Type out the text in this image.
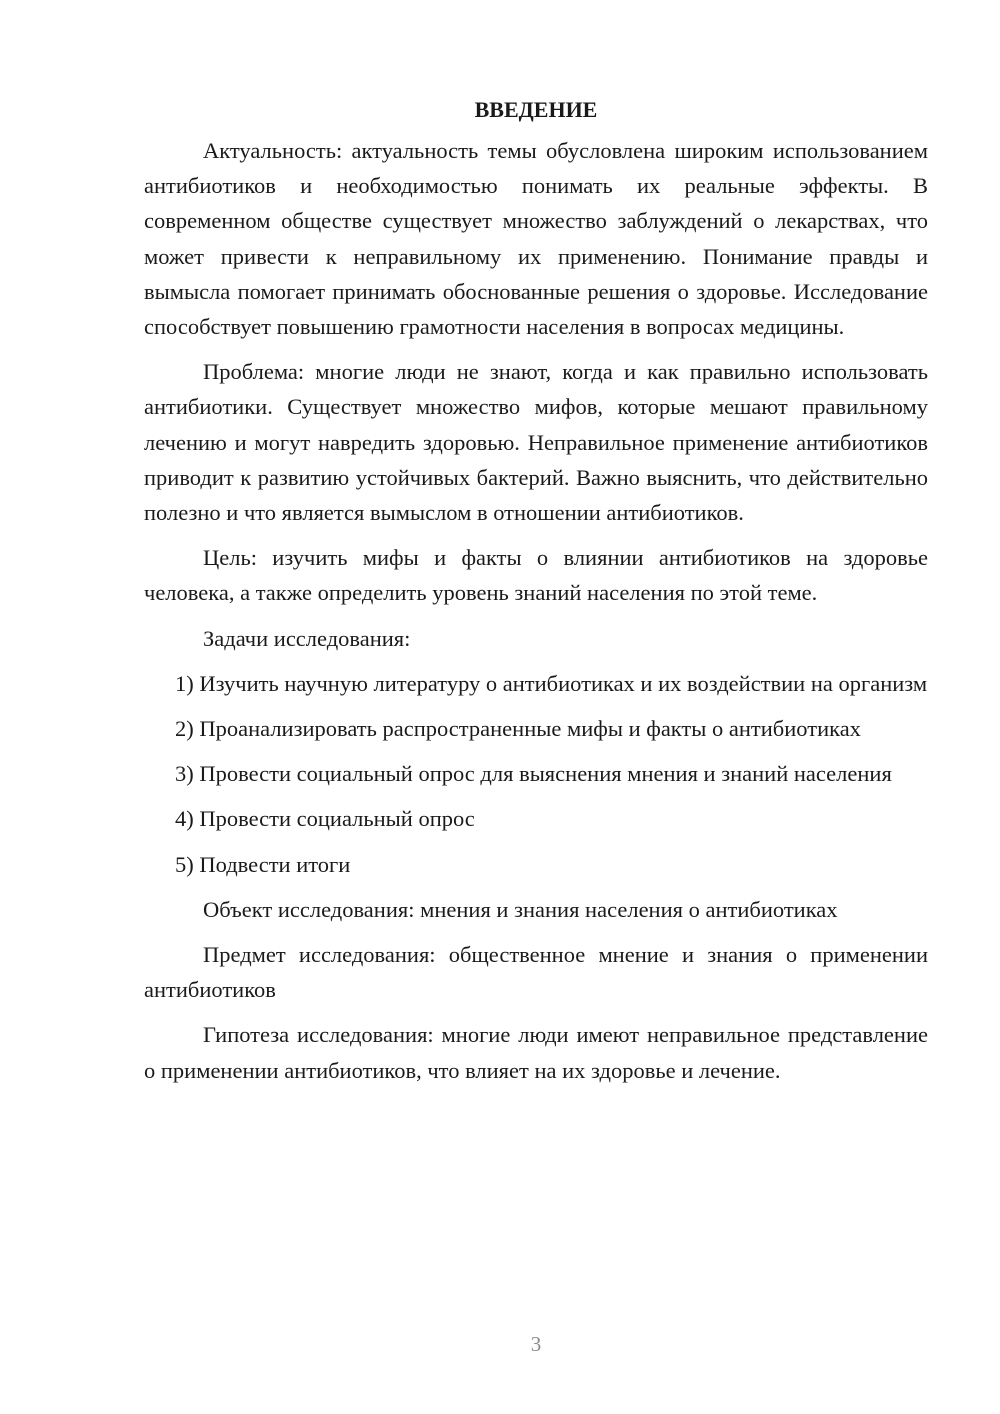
ВВЕДЕНИЕ

Актуальность: актуальность темы обусловлена широким использованием антибиотиков и необходимостью понимать их реальные эффекты. В современном обществе существует множество заблуждений о лекарствах, что может привести к неправильному их применению. Понимание правды и вымысла помогает принимать обоснованные решения о здоровье. Исследование способствует повышению грамотности населения в вопросах медицины.

Проблема: многие люди не знают, когда и как правильно использовать антибиотики. Существует множество мифов, которые мешают правильному лечению и могут навредить здоровью. Неправильное применение антибиотиков приводит к развитию устойчивых бактерий. Важно выяснить, что действительно полезно и что является вымыслом в отношении антибиотиков.

Цель: изучить мифы и факты о влиянии антибиотиков на здоровье человека, а также определить уровень знаний населения по этой теме.

Задачи исследования:

1) Изучить научную литературу о антибиотиках и их воздействии на организм

2) Проанализировать распространенные мифы и факты о антибиотиках

3) Провести социальный опрос для выяснения мнения и знаний населения

4) Провести социальный опрос

5) Подвести итоги

Объект исследования: мнения и знания населения о антибиотиках

Предмет исследования: общественное мнение и знания о применении антибиотиков

Гипотеза исследования: многие люди имеют неправильное представление о применении антибиотиков, что влияет на их здоровье и лечение.

3
